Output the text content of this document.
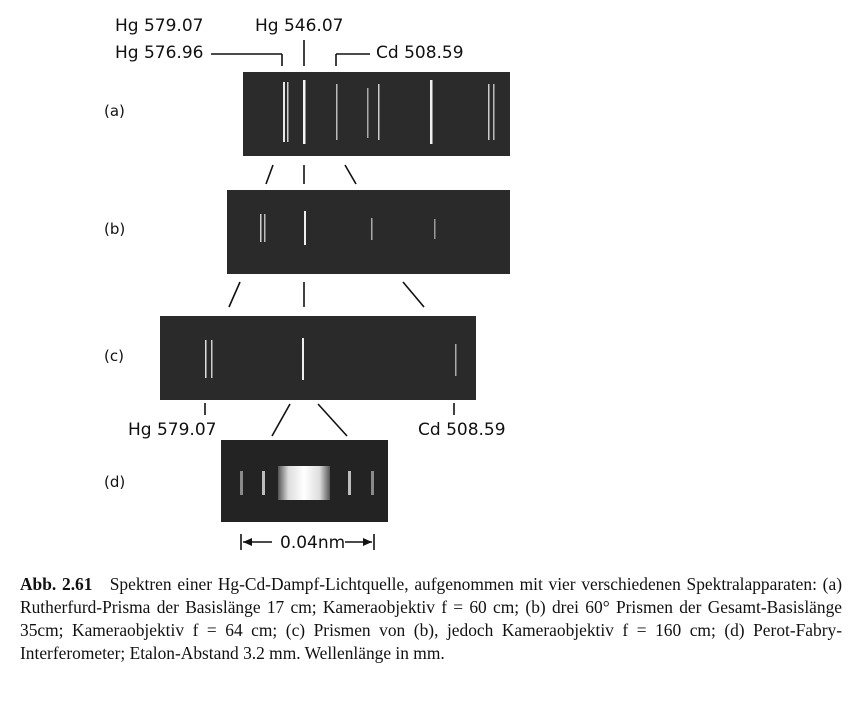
Hg 579.07	Hg 546.07
Hg 576.96	Cd 508.59
Hg 579.07	Cd 508.59
0.04nm
(a)
(b)
(c)
(d)
Abb. 2.61 Spektren einer Hg-Cd-Dampf-Lichtquelle, aufgenommen mit vier verschiedenen Spektralapparaten: (a) Rutherfurd-Prisma der Basislänge 17 cm; Kameraobjektiv f = 60 cm; (b) drei 60° Prismen der Gesamt-Basislänge 35cm; Kameraobjektiv f = 64 cm; (c) Prismen von (b), jedoch Kameraobjektiv f = 160 cm; (d) Perot-Fabry-Interferometer; Etalon-Abstand 3.2 mm. Wellenlänge in mm.
